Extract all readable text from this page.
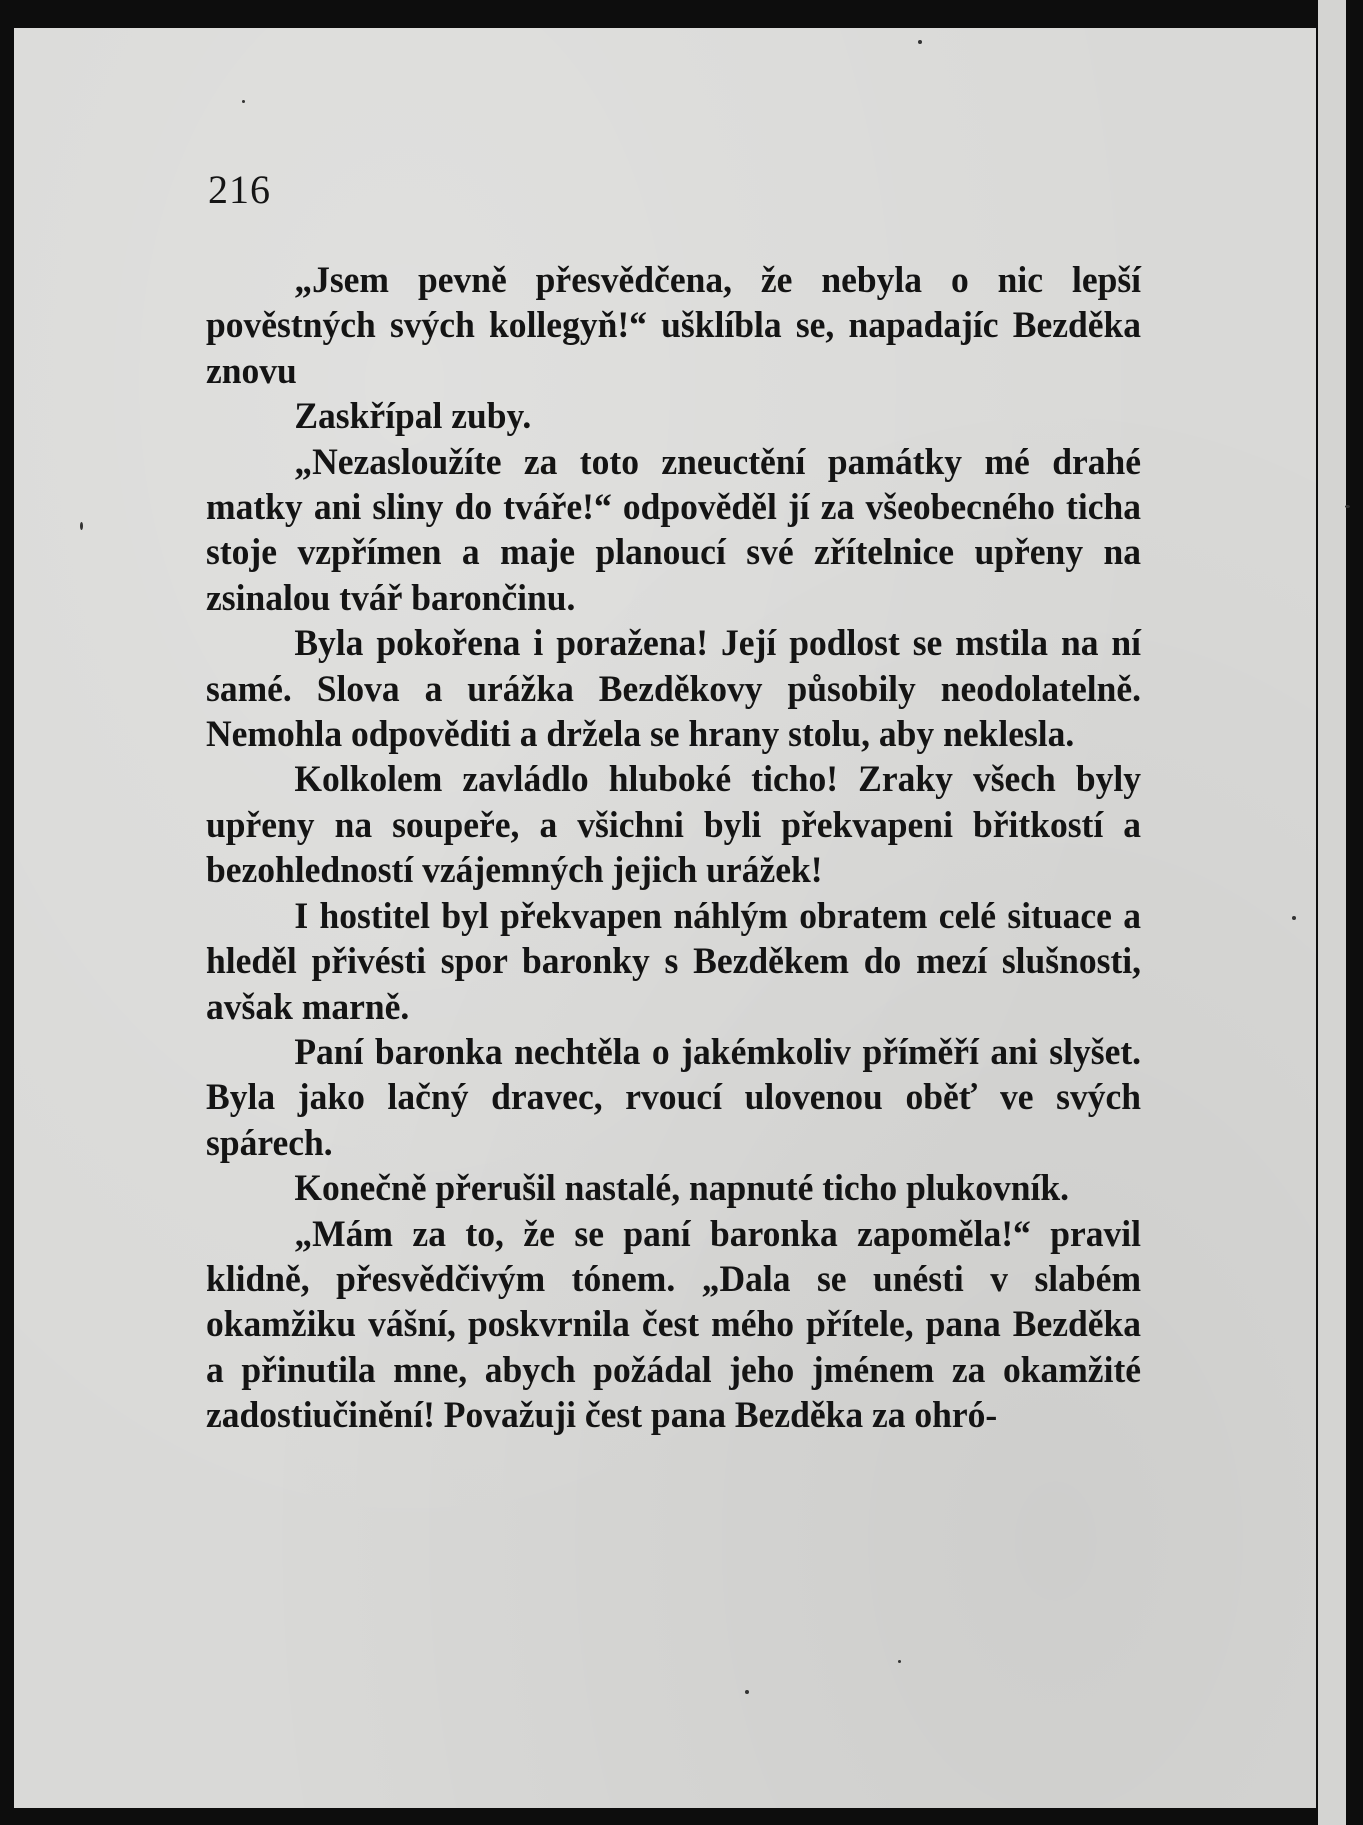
216

„Jsem pevně přesvědčena, že nebyla o nic lepší pověstných svých kollegyň!“ ušklíbla se, napadajíc Bezděka znovu

Zaskřípal zuby.

„Nezasloužíte za toto zneuctění památky mé drahé matky ani sliny do tváře!“ odpověděl jí za všeobecného ticha stoje vzpřímen a maje planoucí své zřítelnice upřeny na zsinalou tvář barončinu.

Byla pokořena i poražena! Její podlost se mstila na ní samé. Slova a urážka Bezděkovy působily neodolatelně. Nemohla odpověditi a držela se hrany stolu, aby neklesla.

Kolkolem zavládlo hluboké ticho! Zraky všech byly upřeny na soupeře, a všichni byli překvapeni břitkostí a bezohledností vzájemných jejich urážek!

I hostitel byl překvapen náhlým obratem celé situace a hleděl přivésti spor baronky s Bezděkem do mezí slušnosti, avšak marně.

Paní baronka nechtěla o jakémkoliv příměří ani slyšet. Byla jako lačný dravec, rvoucí ulovenou oběť ve svých spárech.

Konečně přerušil nastalé, napnuté ticho plukovník.

„Mám za to, že se paní baronka zapoměla!“ pravil klidně, přesvědčivým tónem. „Dala se unésti v slabém okamžiku vášní, poskvrnila čest mého přítele, pana Bezděka a přinutila mne, abych požádal jeho jménem za okamžité zadostiučinění! Považuji čest pana Bezděka za ohró-
